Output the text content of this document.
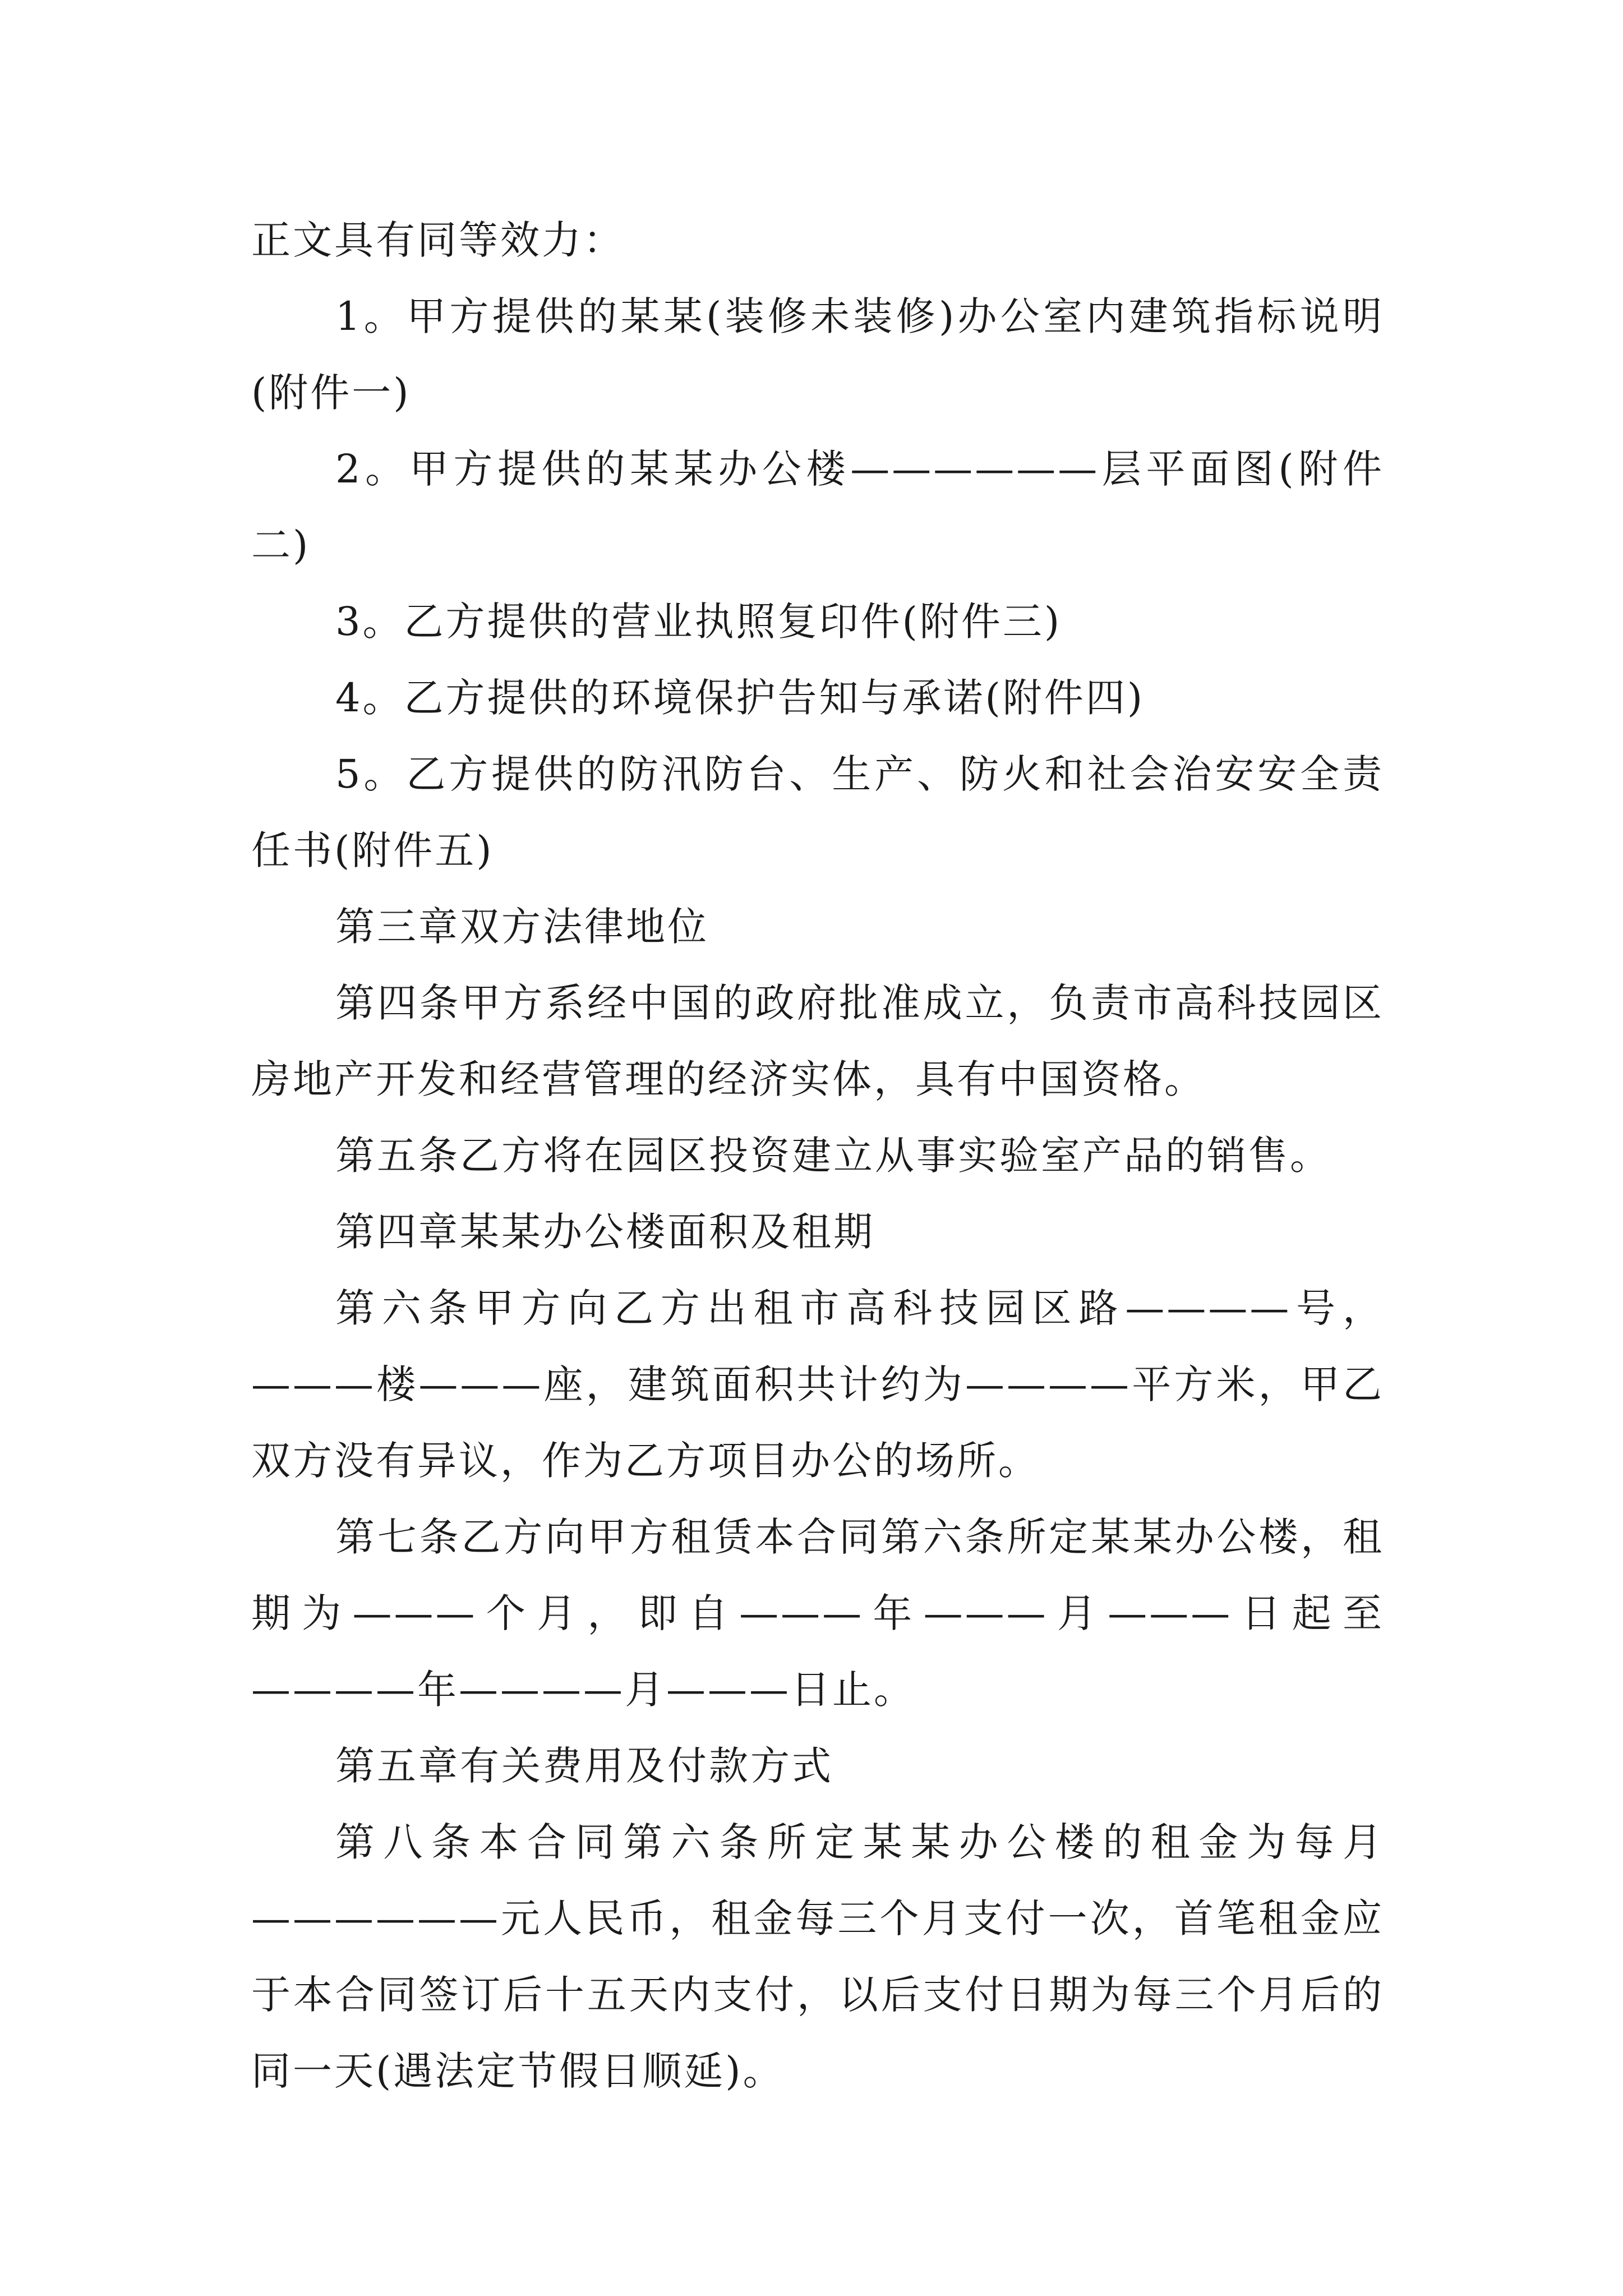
正文具有同等效力：

1。甲方提供的某某(装修未装修)办公室内建筑指标说明(附件一)

2。甲方提供的某某办公楼——————层平面图(附件二)

3。乙方提供的营业执照复印件(附件三)

4。乙方提供的环境保护告知与承诺(附件四)

5。乙方提供的防汛防台、生产、防火和社会治安安全责任书(附件五)

第三章双方法律地位

第四条甲方系经中国的政府批准成立，负责市高科技园区房地产开发和经营管理的经济实体，具有中国资格。

第五条乙方将在园区投资建立从事实验室产品的销售。

第四章某某办公楼面积及租期

第六条甲方向乙方出租市高科技园区路————号，———楼———座，建筑面积共计约为————平方米，甲乙双方没有异议，作为乙方项目办公的场所。

第七条乙方向甲方租赁本合同第六条所定某某办公楼，租期为———个月，即自———年———月———日起至————年————月———日止。

第五章有关费用及付款方式

第八条本合同第六条所定某某办公楼的租金为每月——————元人民币，租金每三个月支付一次，首笔租金应于本合同签订后十五天内支付，以后支付日期为每三个月后的同一天(遇法定节假日顺延)。
